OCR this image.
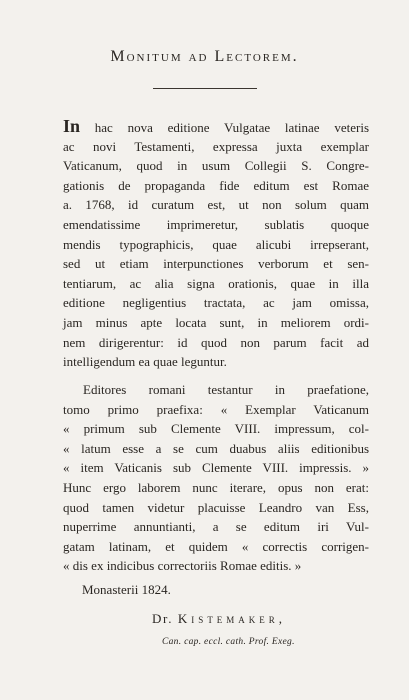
Monitum ad Lectorem.
In hac nova editione Vulgatae latinae veteris
ac novi Testamenti, expressa juxta exemplar
Vaticanum, quod in usum Collegii S. Congre-
gationis de propaganda fide editum est Romae
a. 1768, id curatum est, ut non solum quam
emendatissime imprimeretur, sublatis quoque
mendis typographicis, quae alicubi irrepserant,
sed ut etiam interpunctiones verborum et sen-
tentiarum, ac alia signa orationis, quae in illa
editione negligentius tractata, ac jam omissa,
jam minus apte locata sunt, in meliorem ordi-
nem dirigerentur: id quod non parum facit ad
intelligendum ea quae leguntur.
Editores romani testantur in praefatione,
tomo primo praefixa: « Exemplar Vaticanum
« primum sub Clemente VIII. impressum, col-
« latum esse a se cum duabus aliis editionibus
« item Vaticanis sub Clemente VIII. impressis. »
Hunc ergo laborem nunc iterare, opus non erat:
quod tamen videtur placuisse Leandro van Ess,
nuperrime annuntianti, a se editum iri Vul-
gatam latinam, et quidem « correctis corrigen-
« dis ex indicibus correctoriis Romae editis. »
Monasterii 1824.
Dr. Kistemaker,
Can. cap. eccl. cath. Prof. Exeg.
